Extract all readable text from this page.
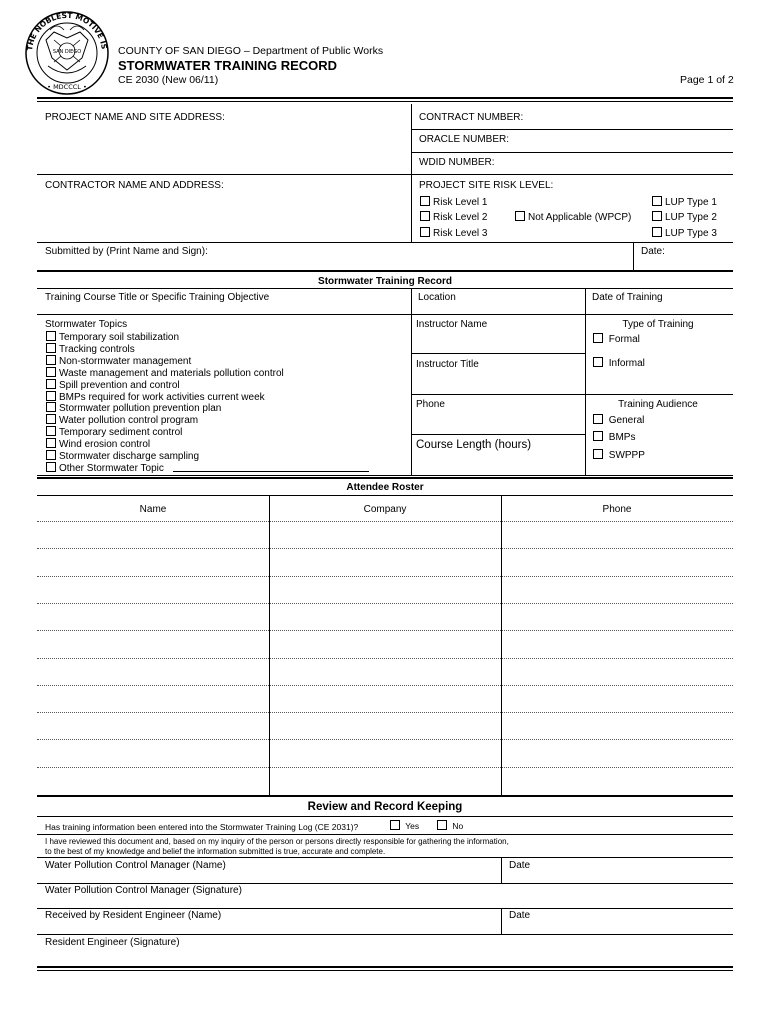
THE NOBLEST MOTIVE IS
• MDCCCL •
SAN DIEGO	COUNTY OF SAN DIEGO – Department of Public Works
STORMWATER TRAINING RECORD
CE 2030 (New 06/11)	Page 1 of 2
PROJECT NAME AND SITE ADDRESS:	CONTRACT NUMBER:
ORACLE NUMBER:
WDID NUMBER:
CONTRACTOR NAME AND ADDRESS:	PROJECT SITE RISK LEVEL:
Risk Level 1
Risk Level 2
Risk Level 3
Not Applicable (WPCP)
LUP Type 1
LUP Type 2
LUP Type 3
Submitted by (Print Name and Sign):	Date:
Stormwater Training Record
Training Course Title or Specific Training Objective	Location	Date of Training
Stormwater Topics
Temporary soil stabilization
Tracking controls
Non-stormwater management
Waste management and materials pollution control
Spill prevention and control
BMPs required for work activities current week
Stormwater pollution prevention plan
Water pollution control program
Temporary sediment control
Wind erosion control
Stormwater discharge sampling
Other Stormwater Topic
Instructor Name
Instructor Title
Phone
Course Length (hours)
Type of Training
Formal
Informal
Training Audience
General
BMPs
SWPPP
Attendee Roster
Name	Company	Phone
Review and Record Keeping
Has training information been entered into the Stormwater Training Log (CE 2031)?	Yes	No
I have reviewed this document and, based on my inquiry of the person or persons directly responsible for gathering the information,
to the best of my knowledge and belief the information submitted is true, accurate and complete.
Water Pollution Control Manager (Name)	Date
Water Pollution Control Manager (Signature)
Received by Resident Engineer (Name)	Date
Resident Engineer (Signature)
